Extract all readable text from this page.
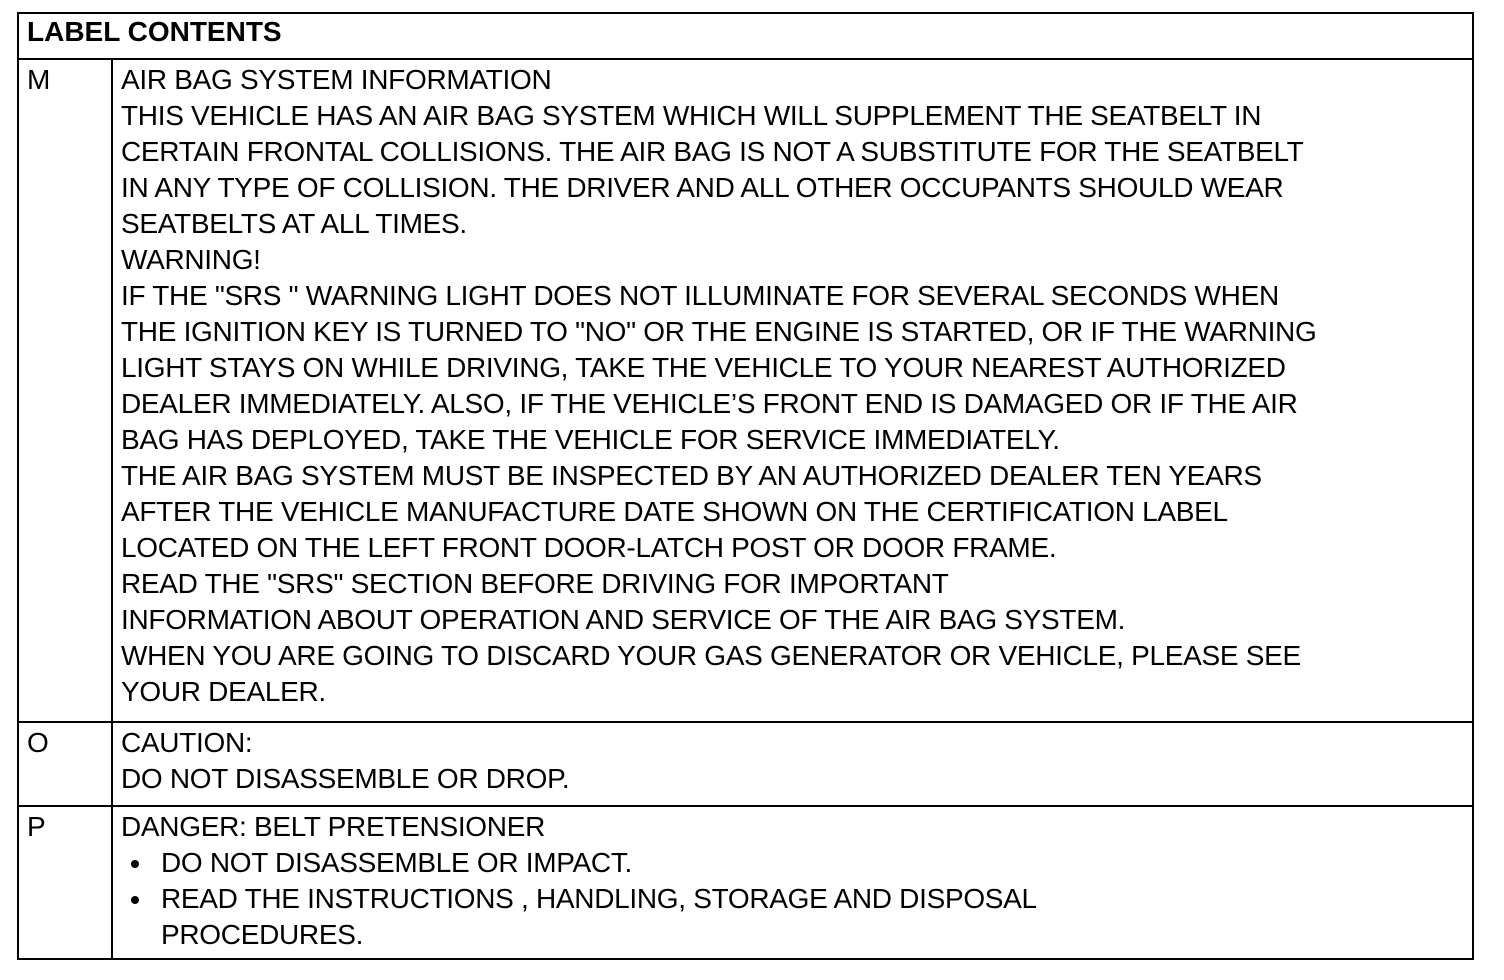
LABEL CONTENTS
M	AIR BAG SYSTEM INFORMATION
THIS VEHICLE HAS AN AIR BAG SYSTEM WHICH WILL SUPPLEMENT THE SEATBELT IN
CERTAIN FRONTAL COLLISIONS. THE AIR BAG IS NOT A SUBSTITUTE FOR THE SEATBELT
IN ANY TYPE OF COLLISION. THE DRIVER AND ALL OTHER OCCUPANTS SHOULD WEAR
SEATBELTS AT ALL TIMES.
WARNING!
IF THE "SRS " WARNING LIGHT DOES NOT ILLUMINATE FOR SEVERAL SECONDS WHEN
THE IGNITION KEY IS TURNED TO "NO" OR THE ENGINE IS STARTED, OR IF THE WARNING
LIGHT STAYS ON WHILE DRIVING, TAKE THE VEHICLE TO YOUR NEAREST AUTHORIZED
DEALER IMMEDIATELY. ALSO, IF THE VEHICLE’S FRONT END IS DAMAGED OR IF THE AIR
BAG HAS DEPLOYED, TAKE THE VEHICLE FOR SERVICE IMMEDIATELY.
THE AIR BAG SYSTEM MUST BE INSPECTED BY AN AUTHORIZED DEALER TEN YEARS
AFTER THE VEHICLE MANUFACTURE DATE SHOWN ON THE CERTIFICATION LABEL
LOCATED ON THE LEFT FRONT DOOR-LATCH POST OR DOOR FRAME.
READ THE "SRS" SECTION BEFORE DRIVING FOR IMPORTANT
INFORMATION ABOUT OPERATION AND SERVICE OF THE AIR BAG SYSTEM.
WHEN YOU ARE GOING TO DISCARD YOUR GAS GENERATOR OR VEHICLE, PLEASE SEE
YOUR DEALER.
O	CAUTION:
DO NOT DISASSEMBLE OR DROP.
P	DANGER: BELT PRETENSIONER
DO NOT DISASSEMBLE OR IMPACT.
READ THE INSTRUCTIONS , HANDLING, STORAGE AND DISPOSAL
PROCEDURES.
